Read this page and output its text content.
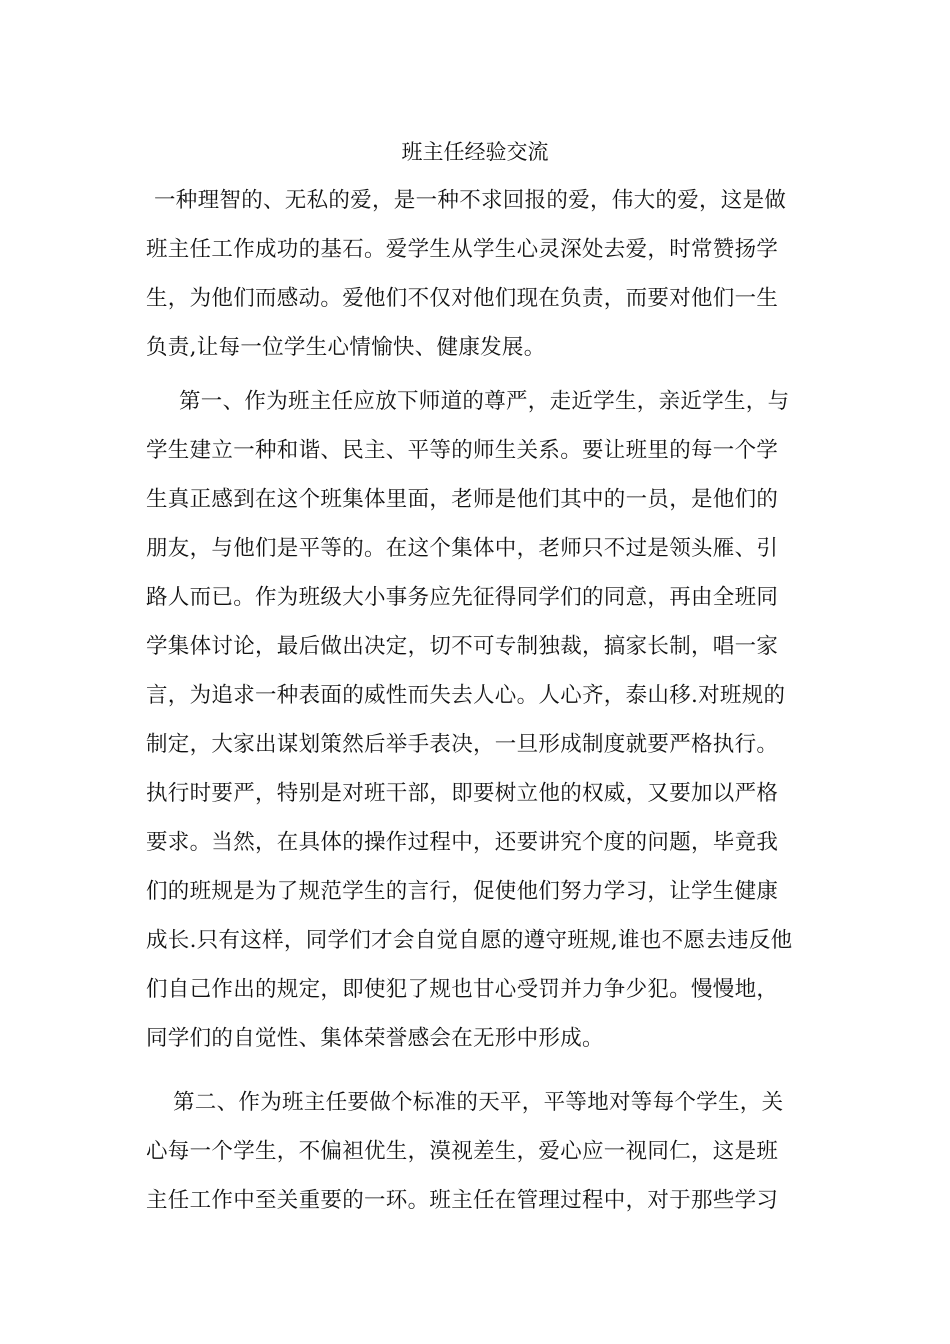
班主任经验交流
一种理智的、无私的爱，是一种不求回报的爱，伟大的爱，这是做
班主任工作成功的基石。爱学生从学生心灵深处去爱，时常赞扬学
生，为他们而感动。爱他们不仅对他们现在负责，而要对他们一生
负责,让每一位学生心情愉快、健康发展。
第一、作为班主任应放下师道的尊严，走近学生，亲近学生，与
学生建立一种和谐、民主、平等的师生关系。要让班里的每一个学
生真正感到在这个班集体里面，老师是他们其中的一员，是他们的
朋友，与他们是平等的。在这个集体中，老师只不过是领头雁、引
路人而已。作为班级大小事务应先征得同学们的同意，再由全班同
学集体讨论，最后做出决定，切不可专制独裁，搞家长制，唱一家
言，为追求一种表面的威性而失去人心。人心齐，泰山移.对班规的
制定，大家出谋划策然后举手表决，一旦形成制度就要严格执行。
执行时要严，特别是对班干部，即要树立他的权威，又要加以严格
要求。当然，在具体的操作过程中，还要讲究个度的问题，毕竟我
们的班规是为了规范学生的言行，促使他们努力学习，让学生健康
成长.只有这样，同学们才会自觉自愿的遵守班规,谁也不愿去违反他
们自己作出的规定，即使犯了规也甘心受罚并力争少犯。慢慢地，
同学们的自觉性、集体荣誉感会在无形中形成。
第二、作为班主任要做个标准的天平，平等地对等每个学生，关
心每一个学生，不偏袒优生，漠视差生，爱心应一视同仁，这是班
主任工作中至关重要的一环。班主任在管理过程中，对于那些学习
